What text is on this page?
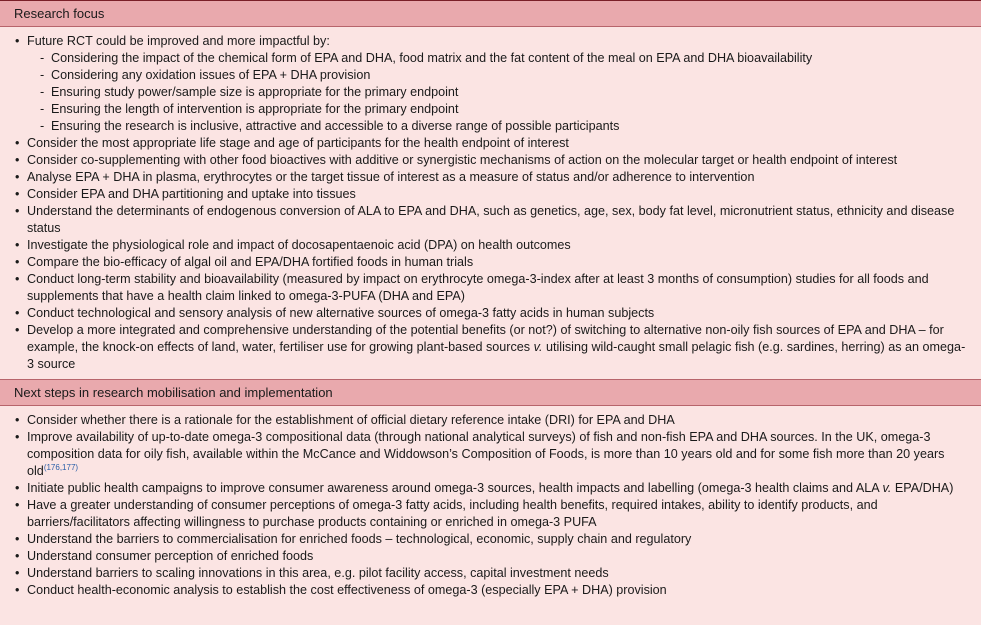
Research focus
• Future RCT could be improved and more impactful by:
- Considering the impact of the chemical form of EPA and DHA, food matrix and the fat content of the meal on EPA and DHA bioavailability
- Considering any oxidation issues of EPA + DHA provision
- Ensuring study power/sample size is appropriate for the primary endpoint
- Ensuring the length of intervention is appropriate for the primary endpoint
- Ensuring the research is inclusive, attractive and accessible to a diverse range of possible participants
• Consider the most appropriate life stage and age of participants for the health endpoint of interest
• Consider co-supplementing with other food bioactives with additive or synergistic mechanisms of action on the molecular target or health endpoint of interest
• Analyse EPA + DHA in plasma, erythrocytes or the target tissue of interest as a measure of status and/or adherence to intervention
• Consider EPA and DHA partitioning and uptake into tissues
• Understand the determinants of endogenous conversion of ALA to EPA and DHA, such as genetics, age, sex, body fat level, micronutrient status, ethnicity and disease status
• Investigate the physiological role and impact of docosapentaenoic acid (DPA) on health outcomes
• Compare the bio-efficacy of algal oil and EPA/DHA fortified foods in human trials
• Conduct long-term stability and bioavailability (measured by impact on erythrocyte omega-3-index after at least 3 months of consumption) studies for all foods and supplements that have a health claim linked to omega-3-PUFA (DHA and EPA)
• Conduct technological and sensory analysis of new alternative sources of omega-3 fatty acids in human subjects
• Develop a more integrated and comprehensive understanding of the potential benefits (or not?) of switching to alternative non-oily fish sources of EPA and DHA – for example, the knock-on effects of land, water, fertiliser use for growing plant-based sources v. utilising wild-caught small pelagic fish (e.g. sardines, herring) as an omega-3 source
Next steps in research mobilisation and implementation
• Consider whether there is a rationale for the establishment of official dietary reference intake (DRI) for EPA and DHA
• Improve availability of up-to-date omega-3 compositional data (through national analytical surveys) of fish and non-fish EPA and DHA sources. In the UK, omega-3 composition data for oily fish, available within the McCance and Widdowson’s Composition of Foods, is more than 10 years old and for some fish more than 20 years old$^{(176,177)}$
• Initiate public health campaigns to improve consumer awareness around omega-3 sources, health impacts and labelling (omega-3 health claims and ALA v. EPA/DHA)
• Have a greater understanding of consumer perceptions of omega-3 fatty acids, including health benefits, required intakes, ability to identify products, and barriers/facilitators affecting willingness to purchase products containing or enriched in omega-3 PUFA
• Understand the barriers to commercialisation for enriched foods – technological, economic, supply chain and regulatory
• Understand consumer perception of enriched foods
• Understand barriers to scaling innovations in this area, e.g. pilot facility access, capital investment needs
• Conduct health-economic analysis to establish the cost effectiveness of omega-3 (especially EPA + DHA) provision
